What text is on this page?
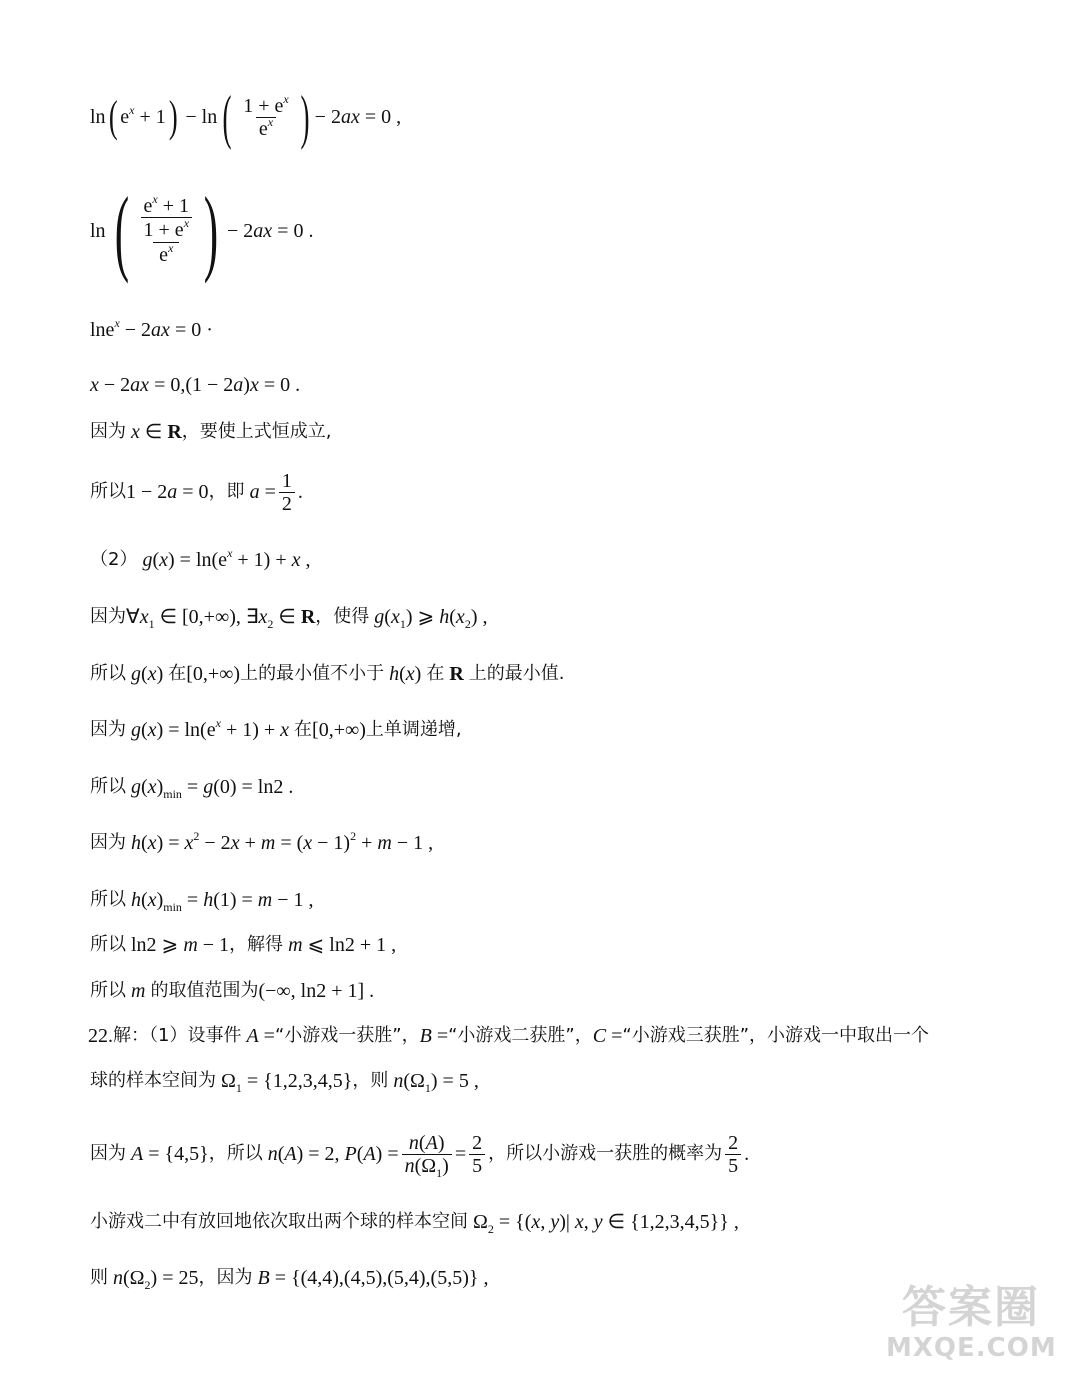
ln ( $e^x + 1$ ) − ln ( $\frac{1 + e^x}{e^x}$ ) − 2ax = 0 ,
ln ( $e^x + 1$
$1 + e^x$
$e^x$ ) − 2ax = 0 .
lne$^x$ − 2ax = 0 ·
x − 2ax = 0,(1 − 2a)x = 0 .
因为 x ∈ R ，要使上式恒成立,
所以 1 − 2a = 0 ，即 $a = \frac{1}{2}$ .
（2） $g(x) = \ln(e^x + 1) + x$ ,
因为 $\forall x_1$ ∈ [0,+∞), $\exists x_2$ ∈ R ，使得 $g(x_1)$ ⩾ $h(x_2)$ ,
所以 g(x) 在 [0,+∞) 上的最小值不小于 h(x) 在 R 上的最小值.
因为 $g(x) = \ln(e^x + 1) + x$ 在 [0,+∞) 上单调递增,
所以 $g(x)_{min} = g(0) = \ln 2$ .
因为 $h(x) = x^2 - 2x + m = (x - 1)^2 + m - 1$ ,
所以 $h(x)_{min} = h(1) = m - 1$ ,
所以 ln2 ⩾ m − 1 ，解得 m ⩽ ln2 + 1 ,
所以 m 的取值范围为 (−∞, ln2 + 1] .
22. 解：（1）设事件 A = “小游戏一获胜”， B = “小游戏二获胜”， C = “小游戏三获胜”，小游戏一中取出一个
球的样本空间为 $\Omega_1 = \{1,2,3,4,5\}$ ，则 $n(\Omega_1) = 5$ ,
因为 A = {4,5} ，所以 n(A) = 2, $P(A) = \frac{n(A)}{n(\Omega_1)} = \frac{2}{5}$ ，所以小游戏一获胜的概率为 $\frac{2}{5}$ .
小游戏二中有放回地依次取出两个球的样本空间 $\Omega_2 = \{(x$, y)| x, y ∈ {1,2,3,4,5}} ,
则 $n(\Omega_2) = 25$ ，因为 B = {(4,4),(4,5),(5,4),(5,5)} ,
答案圈
MXQE.COM
